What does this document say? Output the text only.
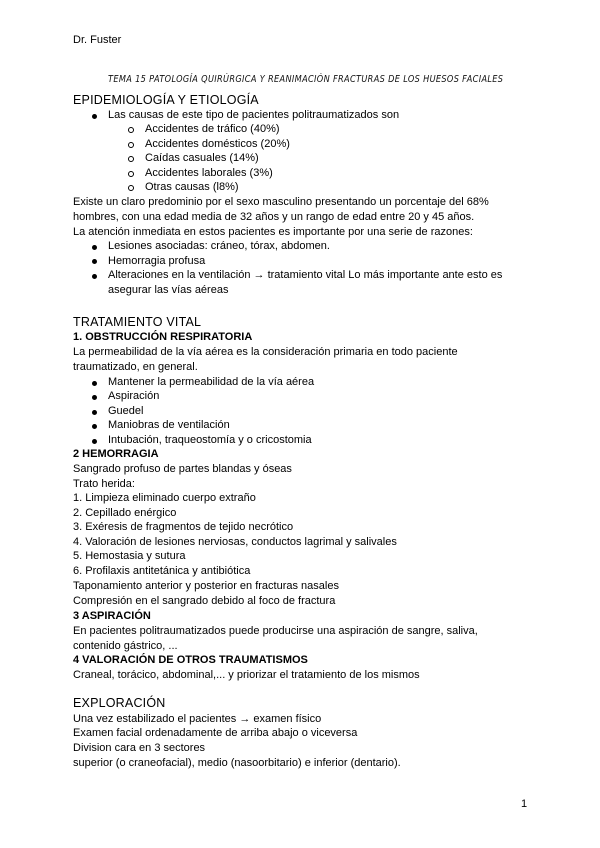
Dr. Fuster
TEMA 15 PATOLOGÍA QUIRÚRGICA Y REANIMACIÓN FRACTURAS DE LOS HUESOS FACIALES
EPIDEMIOLOGÍA Y ETIOLOGÍA
Las causas de este tipo de pacientes politraumatizados son
Accidentes de tráfico (40%)
Accidentes domésticos (20%)
Caídas casuales (14%)
Accidentes laborales (3%)
Otras causas (l8%)
Existe un claro predominio por el sexo masculino presentando un porcentaje del 68%
hombres, con una edad media de 32 años y un rango de edad entre 20 y 45 años.
La atención inmediata en estos pacientes es importante por una serie de razones:
Lesiones asociadas: cráneo, tórax, abdomen.
Hemorragia profusa
Alteraciones en la ventilación → tratamiento vital Lo más importante ante esto es
asegurar las vías aéreas
TRATAMIENTO VITAL
1. OBSTRUCCIÓN RESPIRATORIA
La permeabilidad de la vía aérea es la consideración primaria en todo paciente
traumatizado, en general.
Mantener la permeabilidad de la vía aérea
Aspiración
Guedel
Maniobras de ventilación
Intubación, traqueostomía y o cricostomia
2 HEMORRAGIA
Sangrado profuso de partes blandas y óseas
Trato herida:
1. Limpieza eliminado cuerpo extraño
2. Cepillado enérgico
3. Exéresis de fragmentos de tejido necrótico
4. Valoración de lesiones nerviosas, conductos lagrimal y salivales
5. Hemostasia y sutura
6. Profilaxis antitetánica y antibiótica
Taponamiento anterior y posterior en fracturas nasales
Compresión en el sangrado debido al foco de fractura
3 ASPIRACIÓN
En pacientes politraumatizados puede producirse una aspiración de sangre, saliva,
contenido gástrico, ...
4 VALORACIÓN DE OTROS TRAUMATISMOS
Craneal, torácico, abdominal,... y priorizar el tratamiento de los mismos
EXPLORACIÓN
Una vez estabilizado el pacientes → examen físico
Examen facial ordenadamente de arriba abajo o viceversa
Division cara en 3 sectores
superior (o craneofacial), medio (nasoorbitario) e inferior (dentario).
1
